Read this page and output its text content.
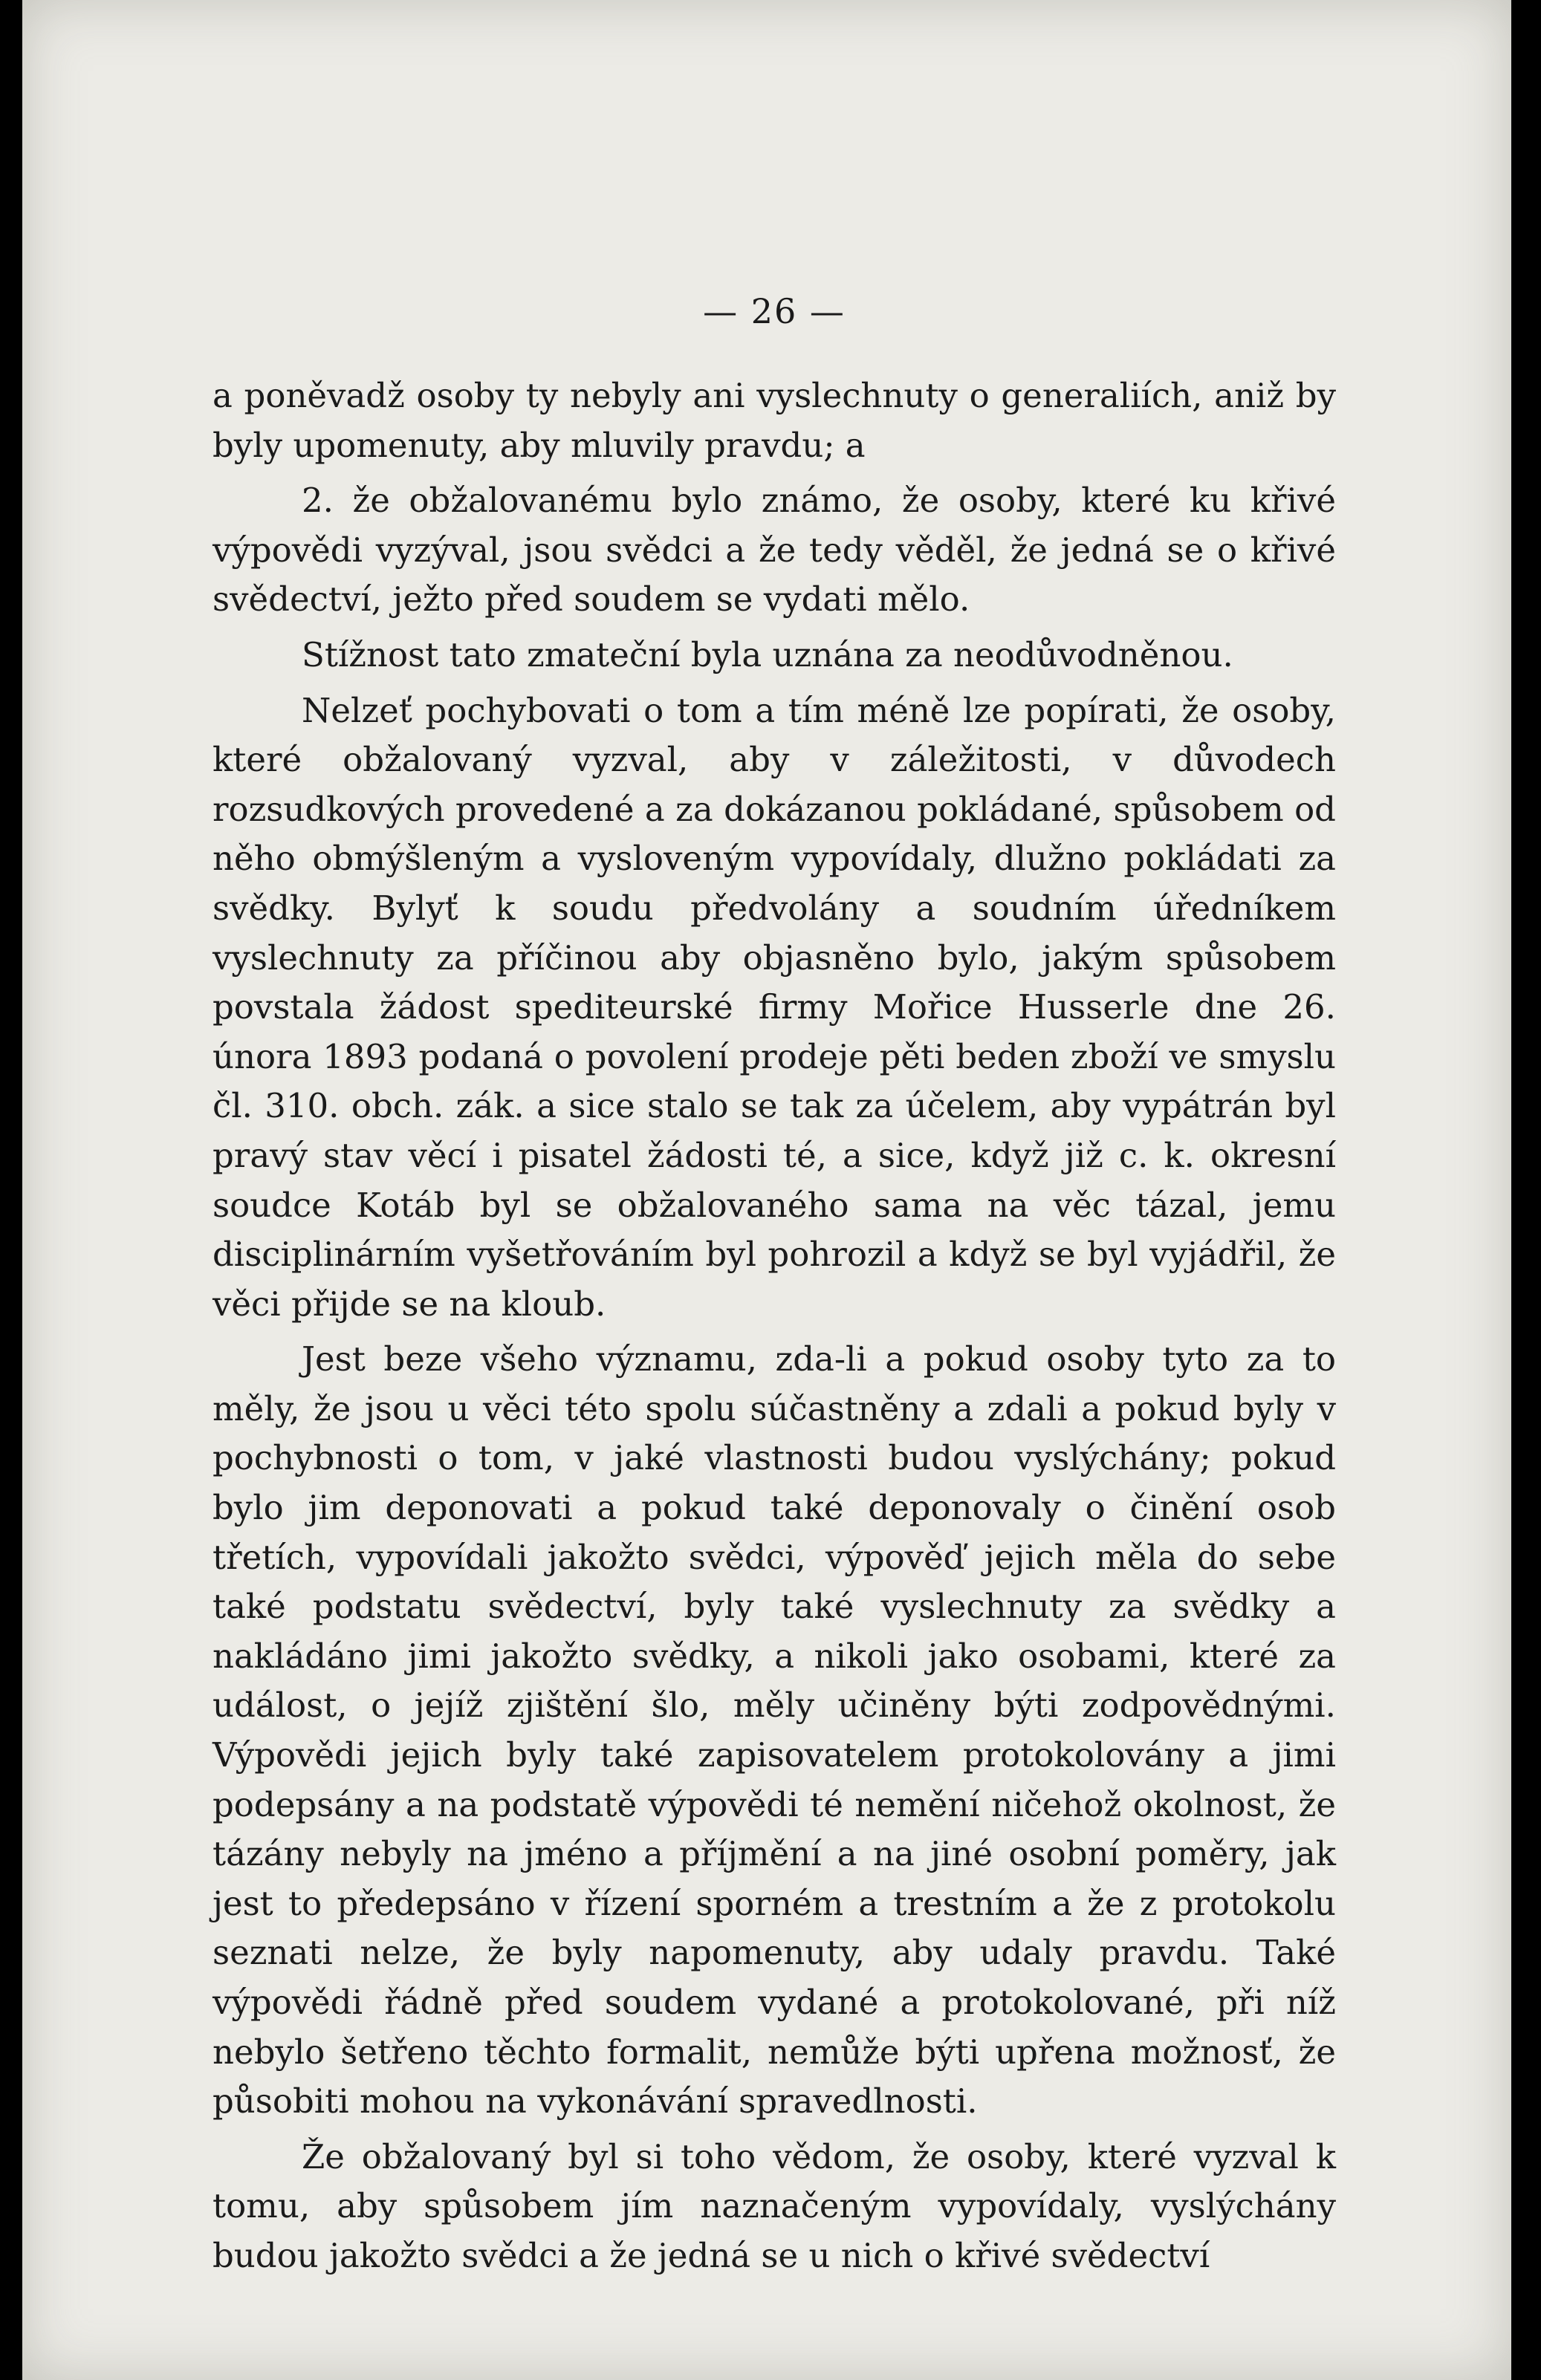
— 26 —

a poněvadž osoby ty nebyly ani vyslechnuty o generaliích, aniž by byly upomenuty, aby mluvily pravdu; a

2. že obžalovanému bylo známo, že osoby, které ku křivé výpovědi vyzýval, jsou svědci a že tedy věděl, že jedná se o křivé svědectví, ježto před soudem se vydati mělo.

Stížnost tato zmateční byla uznána za neodůvodněnou.

Nelzeť pochybovati o tom a tím méně lze popírati, že osoby, které obžalovaný vyzval, aby v záležitosti, v důvodech rozsudkových provedené a za dokázanou pokládané, spůsobem od něho obmýšleným a vysloveným vypovídaly, dlužno pokládati za svědky. Bylyť k soudu předvolány a soudním úředníkem vyslechnuty za příčinou aby objasněno bylo, jakým spůsobem povstala žádost spediteurské firmy Mořice Husserle dne 26. února 1893 podaná o povolení prodeje pěti beden zboží ve smyslu čl. 310. obch. zák. a sice stalo se tak za účelem, aby vypátrán byl pravý stav věcí i pisatel žádosti té, a sice, když již c. k. okresní soudce Kotáb byl se obžalovaného sama na věc tázal, jemu disciplinárním vyšetřováním byl pohrozil a když se byl vyjádřil, že věci přijde se na kloub.

Jest beze všeho významu, zda-li a pokud osoby tyto za to měly, že jsou u věci této spolu súčastněny a zdali a pokud byly v pochybnosti o tom, v jaké vlastnosti budou vyslýchány; pokud bylo jim deponovati a pokud také deponovaly o činění osob třetích, vypovídali jakožto svědci, výpověď jejich měla do sebe také podstatu svědectví, byly také vyslechnuty za svědky a nakládáno jimi jakožto svědky, a nikoli jako osobami, které za událost, o jejíž zjištění šlo, měly učiněny býti zodpovědnými. Výpovědi jejich byly také zapisovatelem protokolovány a jimi podepsány a na podstatě výpovědi té nemění ničehož okolnost, že tázány nebyly na jméno a příjmění a na jiné osobní poměry, jak jest to předepsáno v řízení sporném a trestním a že z protokolu seznati nelze, že byly napomenuty, aby udaly pravdu. Také výpovědi řádně před soudem vydané a protokolované, při níž nebylo šetřeno těchto formalit, nemůže býti upřena možnosť, že působiti mohou na vykonávání spravedlnosti.

Že obžalovaný byl si toho vědom, že osoby, které vyzval k tomu, aby spůsobem jím naznačeným vypovídaly, vyslýchány budou jakožto svědci a že jedná se u nich o křivé svědectví
